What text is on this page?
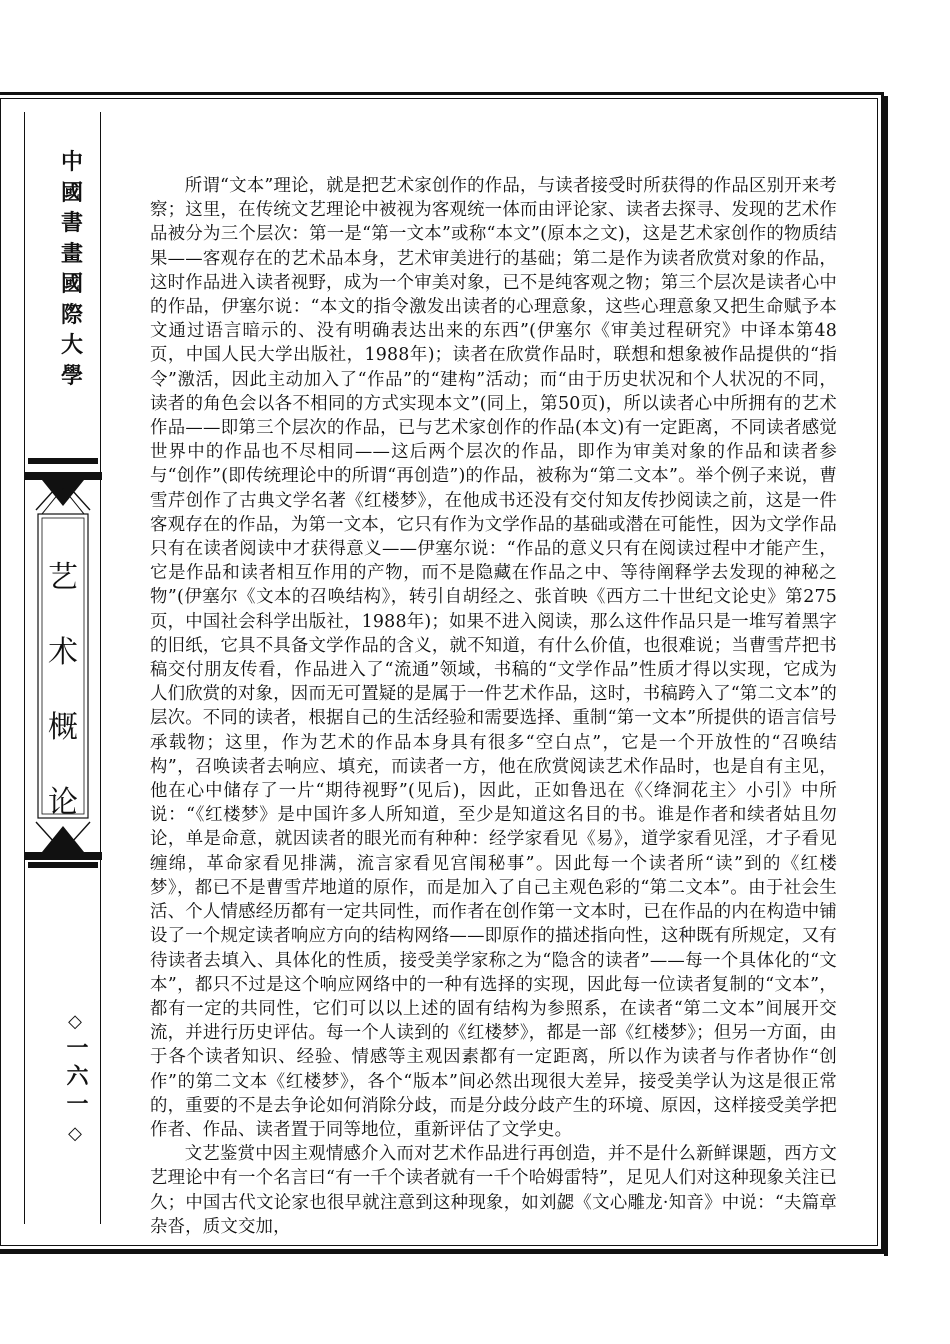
中國書畫國際大學
艺术概论
◇
一六一
◇

所谓“文本”理论，就是把艺术家创作的作品，与读者接受时所获得的作品区别开来考察；这里，在传统文艺理论中被视为客观统一体而由评论家、读者去探寻、发现的艺术作品被分为三个层次：第一是“第一文本”或称“本文”(原本之文)，这是艺术家创作的物质结果——客观存在的艺术品本身，艺术审美进行的基础；第二是作为读者欣赏对象的作品，这时作品进入读者视野，成为一个审美对象，已不是纯客观之物；第三个层次是读者心中的作品，伊塞尔说：“本文的指令激发出读者的心理意象，这些心理意象又把生命赋予本文通过语言暗示的、没有明确表达出来的东西”(伊塞尔《审美过程研究》中译本第48页，中国人民大学出版社，1988年)；读者在欣赏作品时，联想和想象被作品提供的“指令”激活，因此主动加入了“作品”的“建构”活动；而“由于历史状况和个人状况的不同，读者的角色会以各不相同的方式实现本文”(同上，第50页)，所以读者心中所拥有的艺术作品——即第三个层次的作品，已与艺术家创作的作品(本文)有一定距离，不同读者感觉世界中的作品也不尽相同——这后两个层次的作品，即作为审美对象的作品和读者参与“创作”(即传统理论中的所谓“再创造”)的作品，被称为“第二文本”。举个例子来说，曹雪芹创作了古典文学名著《红楼梦》，在他成书还没有交付知友传抄阅读之前，这是一件客观存在的作品，为第一文本，它只有作为文学作品的基础或潜在可能性，因为文学作品只有在读者阅读中才获得意义——伊塞尔说：“作品的意义只有在阅读过程中才能产生，它是作品和读者相互作用的产物，而不是隐藏在作品之中、等待阐释学去发现的神秘之物”(伊塞尔《文本的召唤结构》，转引自胡经之、张首映《西方二十世纪文论史》第275页，中国社会科学出版社，1988年)；如果不进入阅读，那么这件作品只是一堆写着黑字的旧纸，它具不具备文学作品的含义，就不知道，有什么价值，也很难说；当曹雪芹把书稿交付朋友传看，作品进入了“流通”领域，书稿的“文学作品”性质才得以实现，它成为人们欣赏的对象，因而无可置疑的是属于一件艺术作品，这时，书稿跨入了“第二文本”的层次。不同的读者，根据自己的生活经验和需要选择、重制“第一文本”所提供的语言信号承载物；这里，作为艺术的作品本身具有很多“空白点”，它是一个开放性的“召唤结构”，召唤读者去响应、填充，而读者一方，他在欣赏阅读艺术作品时，也是自有主见，他在心中储存了一片“期待视野”(见后)，因此，正如鲁迅在《〈绛洞花主〉小引》中所说：“《红楼梦》是中国许多人所知道，至少是知道这名目的书。谁是作者和续者姑且勿论，单是命意，就因读者的眼光而有种种：经学家看见《易》，道学家看见淫，才子看见缠绵，革命家看见排满，流言家看见宫闱秘事”。因此每一个读者所“读”到的《红楼梦》，都已不是曹雪芹地道的原作，而是加入了自己主观色彩的“第二文本”。由于社会生活、个人情感经历都有一定共同性，而作者在创作第一文本时，已在作品的内在构造中铺设了一个规定读者响应方向的结构网络——即原作的描述指向性，这种既有所规定，又有待读者去填入、具体化的性质，接受美学家称之为“隐含的读者”——每一个具体化的“文本”，都只不过是这个响应网络中的一种有选择的实现，因此每一位读者复制的“文本”，都有一定的共同性，它们可以以上述的固有结构为参照系，在读者“第二文本”间展开交流，并进行历史评估。每一个人读到的《红楼梦》，都是一部《红楼梦》；但另一方面，由于各个读者知识、经验、情感等主观因素都有一定距离，所以作为读者与作者协作“创作”的第二文本《红楼梦》，各个“版本”间必然出现很大差异，接受美学认为这是很正常的，重要的不是去争论如何消除分歧，而是分歧分歧产生的环境、原因，这样接受美学把作者、作品、读者置于同等地位，重新评估了文学史。

文艺鉴赏中因主观情感介入而对艺术作品进行再创造，并不是什么新鲜课题，西方文艺理论中有一个名言曰“有一千个读者就有一千个哈姆雷特”，足见人们对这种现象关注已久；中国古代文论家也很早就注意到这种现象，如刘勰《文心雕龙·知音》中说：“夫篇章杂沓，质文交加，
